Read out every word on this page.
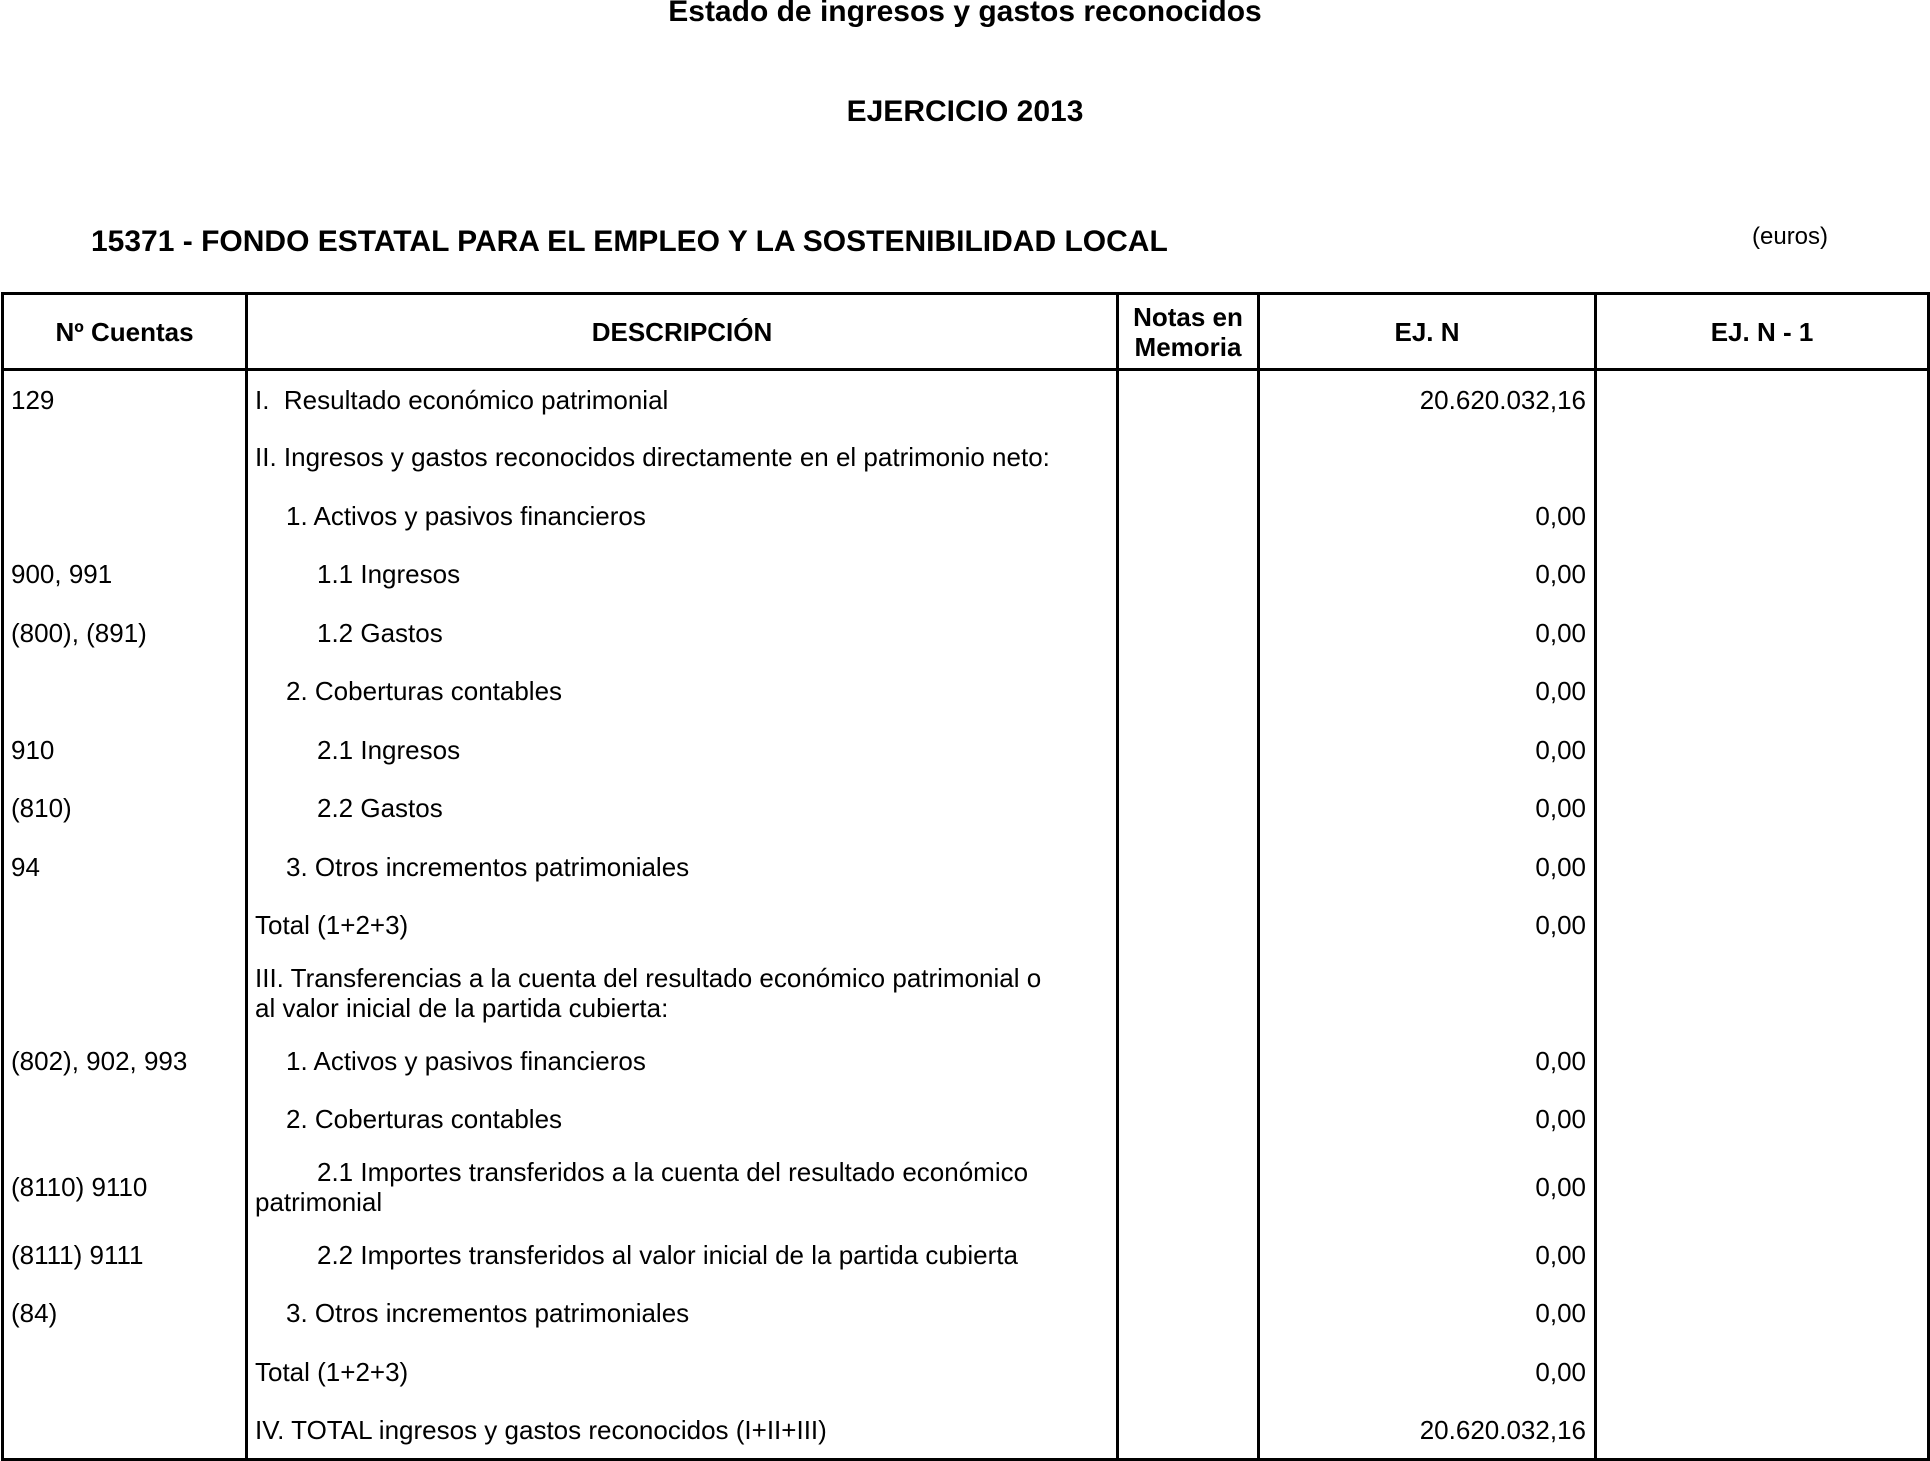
Estado de ingresos y gastos reconocidos
EJERCICIO 2013
15371 - FONDO ESTATAL PARA EL EMPLEO Y LA SOSTENIBILIDAD LOCAL	(euros)
Nº Cuentas	DESCRIPCIÓN	Notas en Memoria	EJ. N	EJ. N - 1
129	I.  Resultado económico patrimonial		20.620.032,16	
	II. Ingresos y gastos reconocidos directamente en el patrimonio neto:			
	1. Activos y pasivos financieros		0,00	
900, 991	1.1 Ingresos		0,00	
(800), (891)	1.2 Gastos		0,00	
	2. Coberturas contables		0,00	
910	2.1 Ingresos		0,00	
(810)	2.2 Gastos		0,00	
94	3. Otros incrementos patrimoniales		0,00	
	Total (1+2+3)		0,00	

	III. Transferencias a la cuenta del resultado económico patrimonial o
al valor inicial de la partida cubierta:			

(802), 902, 993	1. Activos y pasivos financieros		0,00	
	2. Coberturas contables		0,00	
(8110) 9110	2.1 Importes transferidos a la cuenta del resultado económico
patrimonial		0,00	
(8111) 9111	2.2 Importes transferidos al valor inicial de la partida cubierta		0,00	
(84)	3. Otros incrementos patrimoniales		0,00	
	Total (1+2+3)		0,00	
	IV. TOTAL ingresos y gastos reconocidos (I+II+III)		20.620.032,16	
